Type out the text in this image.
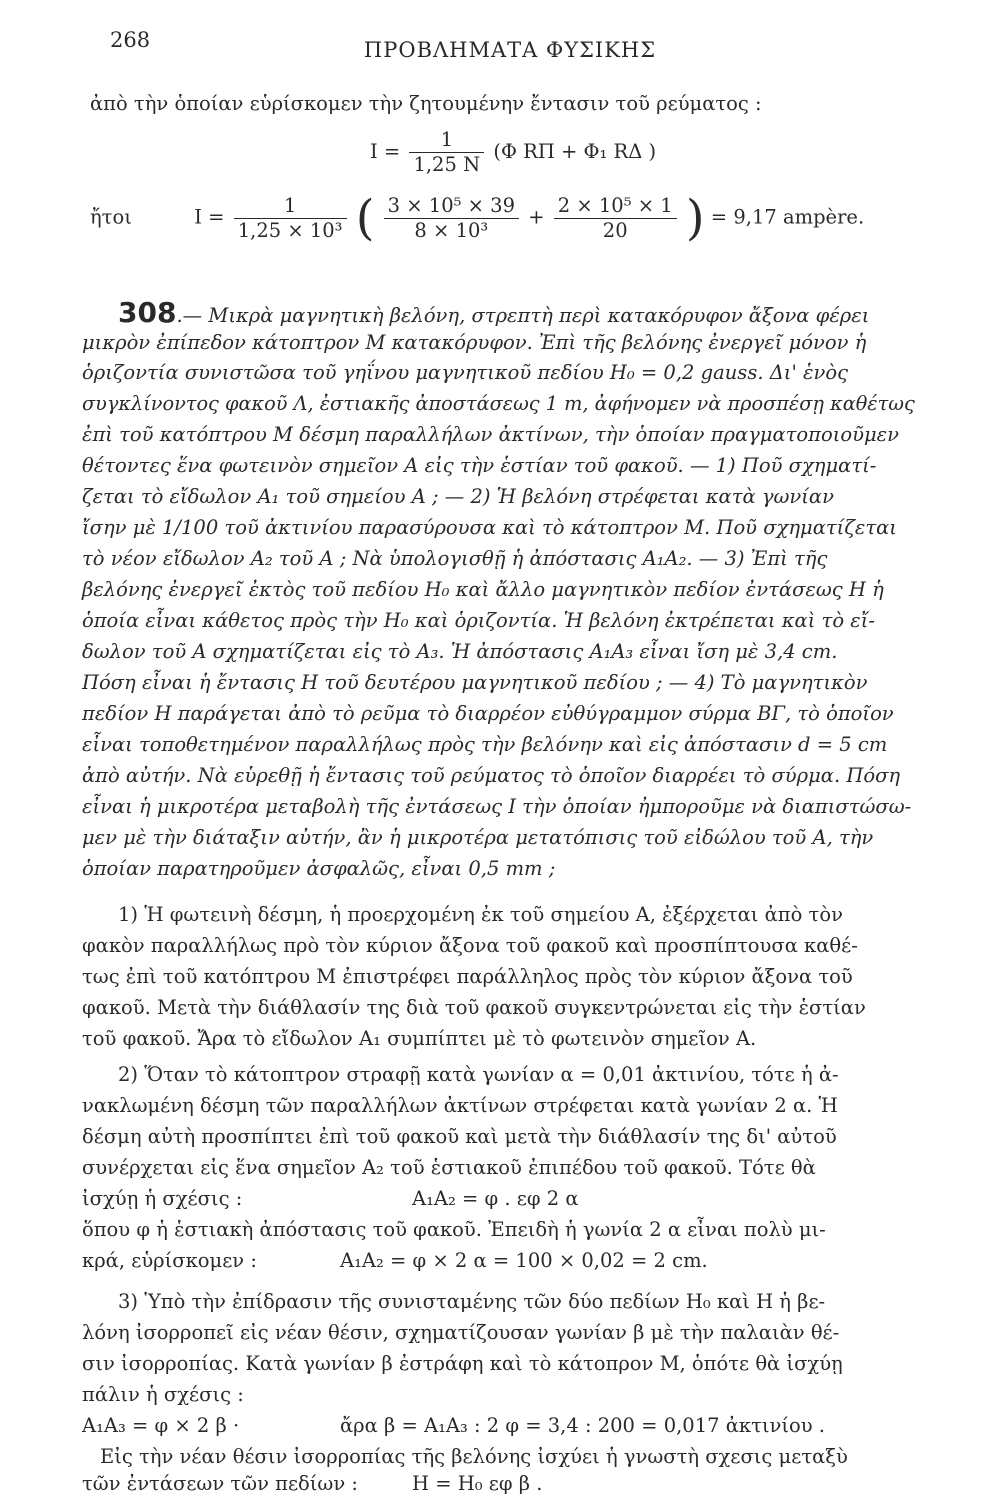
268	ΠΡΟΒΛΗΜΑΤΑ ΦΥΣΙΚΗΣ
ἀπὸ τὴν ὁποίαν εὑρίσκομεν τὴν ζητουμένην ἔντασιν τοῦ ρεύματος :
$I = \frac{1}{1,25 N} (\Phi$ RΠ + Φ₁ RΔ )
ἤτοι	$I = \frac{1}{\text{1,25 × 10³}}$ ( $\frac{\text{3 × 10⁵ × 39}}{\text{8 × 10³}} + \frac{\text{2 × 10⁵ × 1}}{20}$ ) = 9,17 ampère.
308.— Μικρὰ μαγνητικὴ βελόνη, στρεπτὴ περὶ κατακόρυφον ἄξονα φέρει
μικρὸν ἐπίπεδον κάτοπτρον Μ κατακόρυφον. Ἐπὶ τῆς βελόνης ἐνεργεῖ μόνον ἡ
ὁριζοντία συνιστῶσα τοῦ γηΐνου μαγνητικοῦ πεδίου H₀ = 0,2 gauss. Δι' ἑνὸς
συγκλίνοντος φακοῦ Λ, ἐστιακῆς ἀποστάσεως 1 m, ἀφήνομεν νὰ προσπέσῃ καθέτως
ἐπὶ τοῦ κατόπτρου Μ δέσμη παραλλήλων ἀκτίνων, τὴν ὁποίαν πραγματοποιοῦμεν
θέτοντες ἕνα φωτεινὸν σημεῖον Α εἰς τὴν ἑστίαν τοῦ φακοῦ. — 1) Ποῦ σχηματί-
ζεται τὸ εἴδωλον Α₁ τοῦ σημείου Α ; — 2) Ἡ βελόνη στρέφεται κατὰ γωνίαν
ἴσην μὲ 1/100 τοῦ ἀκτινίου παρασύρουσα καὶ τὸ κάτοπτρον Μ. Ποῦ σχηματίζεται
τὸ νέον εἴδωλον Α₂ τοῦ Α ; Νὰ ὑπολογισθῇ ἡ ἀπόστασις Α₁Α₂. — 3) Ἐπὶ τῆς
βελόνης ἐνεργεῖ ἐκτὸς τοῦ πεδίου H₀ καὶ ἄλλο μαγνητικὸν πεδίον ἐντάσεως H ἡ
ὁποία εἶναι κάθετος πρὸς τὴν H₀ καὶ ὁριζοντία. Ἡ βελόνη ἐκτρέπεται καὶ τὸ εἴ-
δωλον τοῦ Α σχηματίζεται εἰς τὸ Α₃. Ἡ ἀπόστασις Α₁Α₃ εἶναι ἴση μὲ 3,4 cm.
Πόση εἶναι ἡ ἔντασις H τοῦ δευτέρου μαγνητικοῦ πεδίου ; — 4) Τὸ μαγνητικὸν
πεδίον H παράγεται ἀπὸ τὸ ρεῦμα τὸ διαρρέον εὐθύγραμμον σύρμα ΒΓ, τὸ ὁποῖον
εἶναι τοποθετημένον παραλλήλως πρὸς τὴν βελόνην καὶ εἰς ἀπόστασιν d = 5 cm
ἀπὸ αὐτήν. Νὰ εὑρεθῇ ἡ ἔντασις τοῦ ρεύματος τὸ ὁποῖον διαρρέει τὸ σύρμα. Πόση
εἶναι ἡ μικροτέρα μεταβολὴ τῆς ἐντάσεως I τὴν ὁποίαν ἠμποροῦμε νὰ διαπιστώσω-
μεν μὲ τὴν διάταξιν αὐτήν, ἂν ἡ μικροτέρα μετατόπισις τοῦ εἰδώλου τοῦ Α, τὴν
ὁποίαν παρατηροῦμεν ἀσφαλῶς, εἶναι 0,5 mm ;
1) Ἡ φωτεινὴ δέσμη, ἡ προερχομένη ἐκ τοῦ σημείου Α, ἐξέρχεται ἀπὸ τὸν
φακὸν παραλλήλως πρὸ τὸν κύριον ἄξονα τοῦ φακοῦ καὶ προσπίπτουσα καθέ-
τως ἐπὶ τοῦ κατόπτρου Μ ἐπιστρέφει παράλληλος πρὸς τὸν κύριον ἄξονα τοῦ
φακοῦ. Μετὰ τὴν διάθλασίν της διὰ τοῦ φακοῦ συγκεντρώνεται εἰς τὴν ἑστίαν
τοῦ φακοῦ. Ἄρα τὸ εἴδωλον Α₁ συμπίπτει μὲ τὸ φωτεινὸν σημεῖον Α.
2) Ὅταν τὸ κάτοπτρον στραφῇ κατὰ γωνίαν α = 0,01 ἀκτινίου, τότε ἡ ἀ-
νακλωμένη δέσμη τῶν παραλλήλων ἀκτίνων στρέφεται κατὰ γωνίαν 2 α. Ἡ
δέσμη αὐτὴ προσπίπτει ἐπὶ τοῦ φακοῦ καὶ μετὰ τὴν διάθλασίν της δι' αὐτοῦ
συνέρχεται εἰς ἕνα σημεῖον Α₂ τοῦ ἑστιακοῦ ἐπιπέδου τοῦ φακοῦ. Τότε θὰ
ἰσχύῃ ἡ σχέσις :	Α₁Α₂ = φ . εφ 2 α
ὅπου φ ἡ ἑστιακὴ ἀπόστασις τοῦ φακοῦ. Ἐπειδὴ ἡ γωνία 2 α εἶναι πολὺ μι-
κρά, εὑρίσκομεν :	Α₁Α₂ = φ × 2 α = 100 × 0,02 = 2 cm.
3) Ὑπὸ τὴν ἐπίδρασιν τῆς συνισταμένης τῶν δύο πεδίων H₀ καὶ H ἡ βε-
λόνη ἰσορροπεῖ εἰς νέαν θέσιν, σχηματίζουσαν γωνίαν β μὲ τὴν παλαιὰν θέ-
σιν ἰσορροπίας. Κατὰ γωνίαν β ἐστράφη καὶ τὸ κάτοπρον Μ, ὁπότε θὰ ἰσχύῃ
πάλιν ἡ σχέσις :
Α₁Α₃ = φ × 2 β ·	ἄρα β = Α₁Α₃ : 2 φ = 3,4 : 200 = 0,017 ἀκτινίου .
Εἰς τὴν νέαν θέσιν ἰσορροπίας τῆς βελόνης ἰσχύει ἡ γνωστὴ σχεσις μεταξὺ
τῶν ἐντάσεων τῶν πεδίων :	H = H₀ εφ β .
